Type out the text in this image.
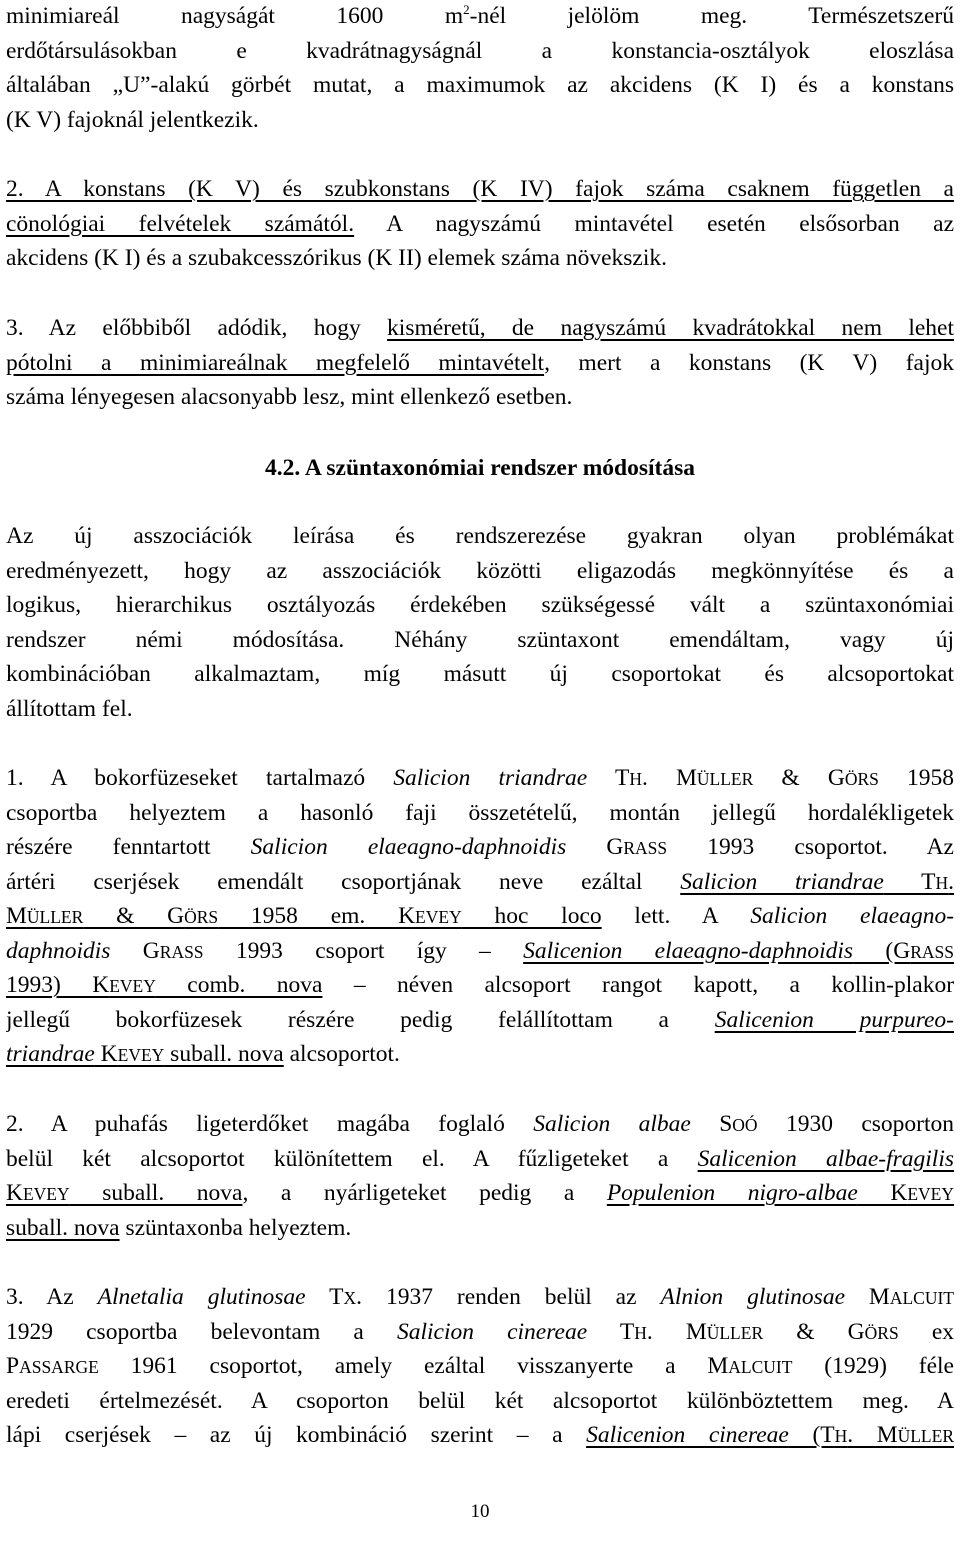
minimiareál nagyságát 1600 $m^2$-nél jelölöm meg. Természetszerű
erdőtársulásokban e kvadrátnagyságnál a konstancia-osztályok eloszlása
általában „U”-alakú görbét mutat, a maximumok az akcidens (K I) és a konstans
(K V) fajoknál jelentkezik.
2. A konstans (K V) és szubkonstans (K IV) fajok száma csaknem független a
cönológiai felvételek számától. A nagyszámú mintavétel esetén elsősorban az
akcidens (K I) és a szubakcesszórikus (K II) elemek száma növekszik.
3. Az előbbiből adódik, hogy kisméretű, de nagyszámú kvadrátokkal nem lehet
pótolni a minimiareálnak megfelelő mintavételt, mert a konstans (K V) fajok
száma lényegesen alacsonyabb lesz, mint ellenkező esetben.
4.2. A szüntaxonómiai rendszer módosítása
Az új asszociációk leírása és rendszerezése gyakran olyan problémákat
eredményezett, hogy az asszociációk közötti eligazodás megkönnyítése és a
logikus, hierarchikus osztályozás érdekében szükségessé vált a szüntaxonómiai
rendszer némi módosítása. Néhány szüntaxont emendáltam, vagy új
kombinációban alkalmaztam, míg másutt új csoportokat és alcsoportokat
állítottam fel.
1. A bokorfüzeseket tartalmazó Salicion triandrae TH. MÜLLER & GÖRS 1958
csoportba helyeztem a hasonló faji összetételű, montán jellegű hordalékligetek
részére fenntartott Salicion elaeagno-daphnoidis GRASS 1993 csoportot. Az
ártéri cserjések emendált csoportjának neve ezáltal Salicion triandrae TH.
MÜLLER & GÖRS 1958 em. KEVEY hoc loco lett. A Salicion elaeagno-
daphnoidis GRASS 1993 csoport így – Salicenion elaeagno-daphnoidis (GRASS
1993) KEVEY comb. nova – néven alcsoport rangot kapott, a kollin-plakor
jellegű bokorfüzesek részére pedig felállítottam a Salicenion purpureo-
triandrae KEVEY suball. nova alcsoportot.
2. A puhafás ligeterdőket magába foglaló Salicion albae SOÓ 1930 csoporton
belül két alcsoportot különítettem el. A fűzligeteket a Salicenion albae-fragilis
KEVEY suball. nova, a nyárligeteket pedig a Populenion nigro-albae KEVEY
suball. nova szüntaxonba helyeztem.
3. Az Alnetalia glutinosae TX. 1937 renden belül az Alnion glutinosae MALCUIT
1929 csoportba belevontam a Salicion cinereae TH. MÜLLER & GÖRS ex
PASSARGE 1961 csoportot, amely ezáltal visszanyerte a MALCUIT (1929) féle
eredeti értelmezését. A csoporton belül két alcsoportot különböztettem meg. A
lápi cserjések – az új kombináció szerint – a Salicenion cinereae (TH. MÜLLER
10
